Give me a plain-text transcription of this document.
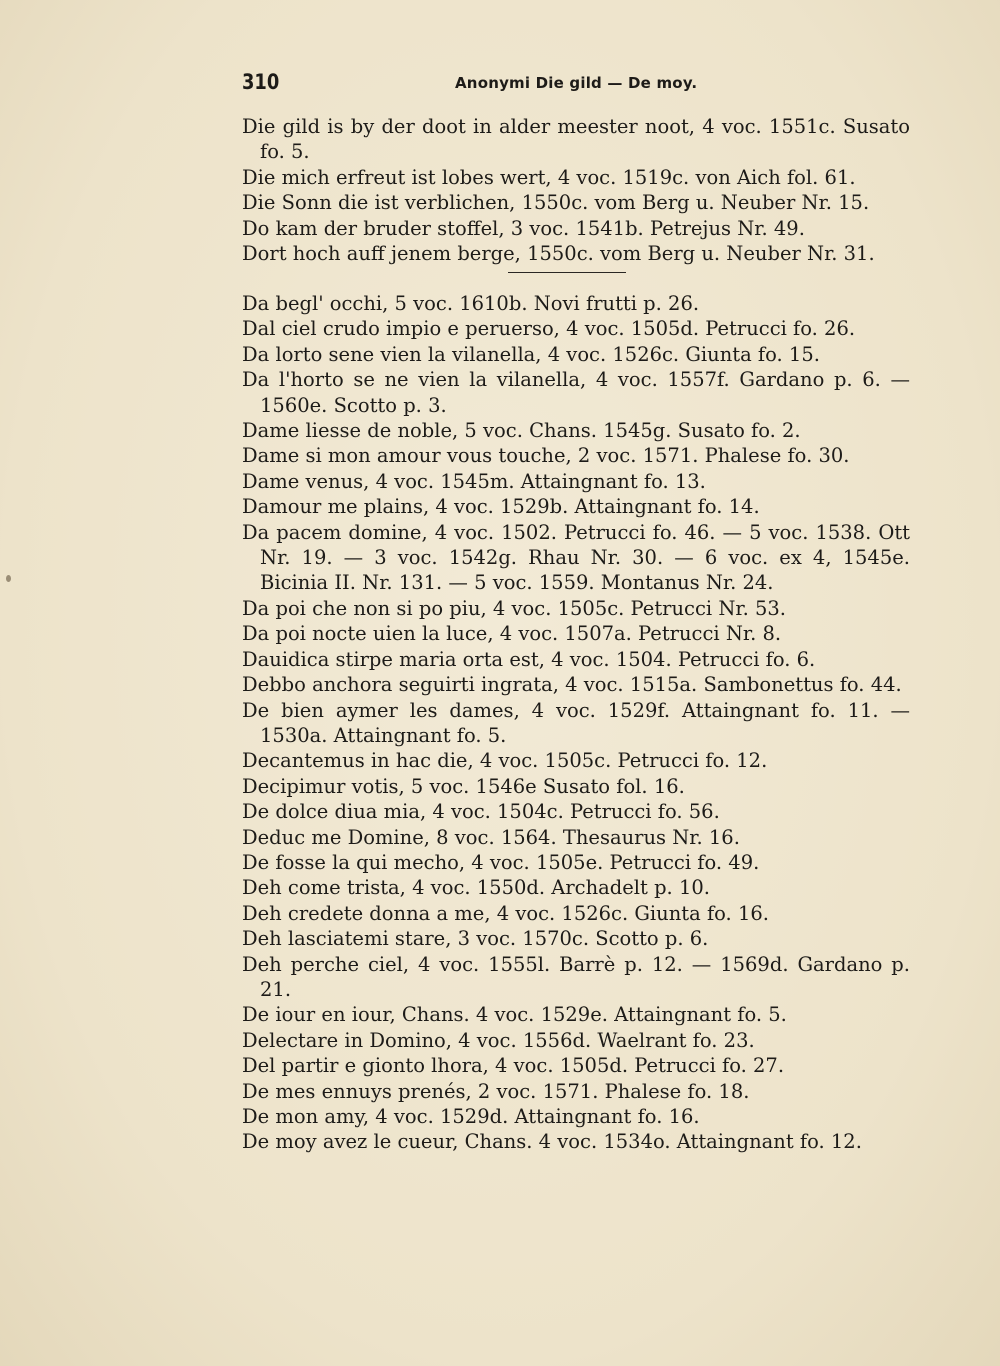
310	Anonymi Die gild — De moy.

Die gild is by der doot in alder meester noot, 4 voc. 1551c. Susato fo. 5.

Die mich erfreut ist lobes wert, 4 voc. 1519c. von Aich fol. 61.

Die Sonn die ist verblichen, 1550c. vom Berg u. Neuber Nr. 15.

Do kam der bruder stoffel, 3 voc. 1541b. Petrejus Nr. 49.

Dort hoch auff jenem berge, 1550c. vom Berg u. Neuber Nr. 31.

Da begl' occhi, 5 voc. 1610b. Novi frutti p. 26.

Dal ciel crudo impio e peruerso, 4 voc. 1505d. Petrucci fo. 26.

Da lorto sene vien la vilanella, 4 voc. 1526c. Giunta fo. 15.

Da l'horto se ne vien la vilanella, 4 voc. 1557f. Gardano p. 6. — 1560e. Scotto p. 3.

Dame liesse de noble, 5 voc. Chans. 1545g. Susato fo. 2.

Dame si mon amour vous touche, 2 voc. 1571. Phalese fo. 30.

Dame venus, 4 voc. 1545m. Attaingnant fo. 13.

Damour me plains, 4 voc. 1529b. Attaingnant fo. 14.

Da pacem domine, 4 voc. 1502. Petrucci fo. 46. — 5 voc. 1538. Ott Nr. 19. — 3 voc. 1542g. Rhau Nr. 30. — 6 voc. ex 4, 1545e. Bicinia II. Nr. 131. — 5 voc. 1559. Montanus Nr. 24.

Da poi che non si po piu, 4 voc. 1505c. Petrucci Nr. 53.

Da poi nocte uien la luce, 4 voc. 1507a. Petrucci Nr. 8.

Dauidica stirpe maria orta est, 4 voc. 1504. Petrucci fo. 6.

Debbo anchora seguirti ingrata, 4 voc. 1515a. Sambonettus fo. 44.

De bien aymer les dames, 4 voc. 1529f. Attaingnant fo. 11. — 1530a. Attaingnant fo. 5.

Decantemus in hac die, 4 voc. 1505c. Petrucci fo. 12.

Decipimur votis, 5 voc. 1546e Susato fol. 16.

De dolce diua mia, 4 voc. 1504c. Petrucci fo. 56.

Deduc me Domine, 8 voc. 1564. Thesaurus Nr. 16.

De fosse la qui mecho, 4 voc. 1505e. Petrucci fo. 49.

Deh come trista, 4 voc. 1550d. Archadelt p. 10.

Deh credete donna a me, 4 voc. 1526c. Giunta fo. 16.

Deh lasciatemi stare, 3 voc. 1570c. Scotto p. 6.

Deh perche ciel, 4 voc. 1555l. Barrè p. 12. — 1569d. Gardano p. 21.

De iour en iour, Chans. 4 voc. 1529e. Attaingnant fo. 5.

Delectare in Domino, 4 voc. 1556d. Waelrant fo. 23.

Del partir e gionto lhora, 4 voc. 1505d. Petrucci fo. 27.

De mes ennuys prenés, 2 voc. 1571. Phalese fo. 18.

De mon amy, 4 voc. 1529d. Attaingnant fo. 16.

De moy avez le cueur, Chans. 4 voc. 1534o. Attaingnant fo. 12.
